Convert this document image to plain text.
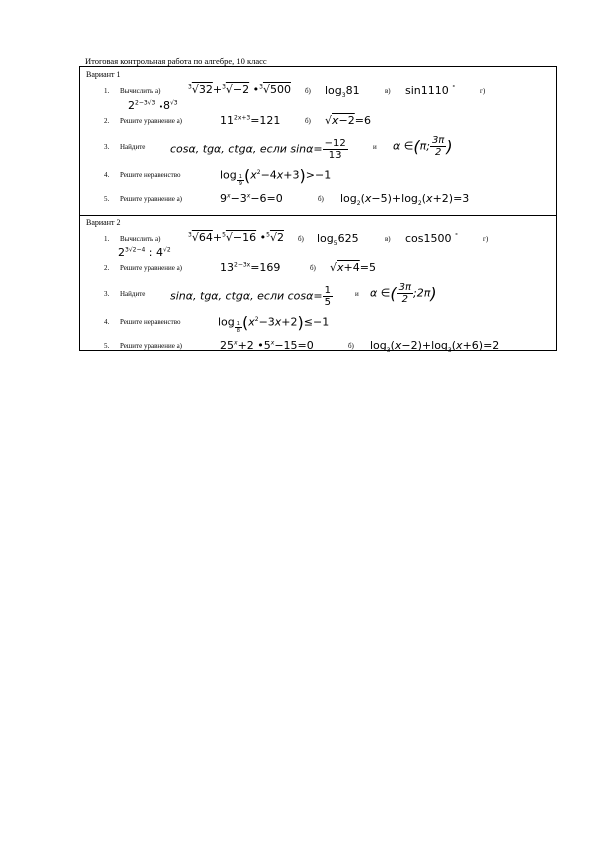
Итоговая контрольная работа по алгебре, 10 класс
Вариант 1
1. Вычислить а)
$^3$√32+$^3$√−2 •$^3$√500 б) $\log_381$	в) sin1110 °	г)
$2^{2-3√3}$ $•8^{√3}$
2. Решите уравнение а)	$11^{2x+3}=121$	б) √x−2=6
3. Найдите cosα, tgα, ctgα, если $\sin\alpha= \frac{-12}{13}$	и α ∈(π; $\frac{3\pi}{2}$ )
4. Решите неравенство	log $_{\frac{1}{9}}$ $(x^2-4x+3)>-1$
5. Решите уравнение а)	$9^x-3^x-6=0$	б) $\log_2(x-5)+\log_2(x+2)=3$
Вариант 2
1. Вычислить а)
$^3$√64+$^5$√−16 •$^5$√2 б) $\log_5625$	в) cos1500 °	г)
$2^{3√2-4}$ : $4^{√2}$
2. Решите уравнение а)	$13^{2-3x}=169$	б) √x+4=5
3. Найдите sinα, tgα, ctgα, если $\cos\alpha= \frac{1}{5}$	и α ∈( $\frac{3\pi}{2}$ ;2π)
4. Решите неравенство	log $_{\frac{1}{8}}$ $(x^2-3x+2)\le-1$
5. Решите уравнение а)	$25^x+2$ $•5^x-15=0$	б) $\log_3(x-2)+\log_3(x+6)=2$
